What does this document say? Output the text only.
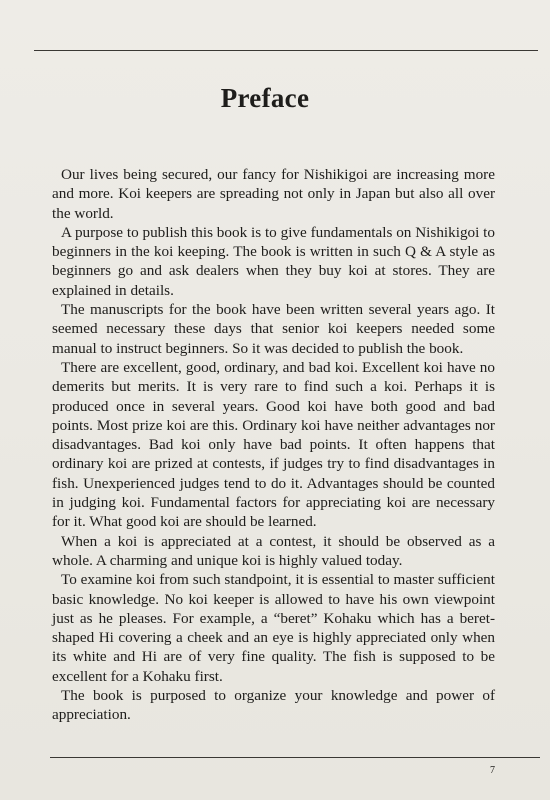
Preface

Our lives being secured, our fancy for Nishikigoi are increasing more and more. Koi keepers are spreading not only in Japan but also all over the world.

A purpose to publish this book is to give fundamentals on Nishikigoi to beginners in the koi keeping. The book is written in such Q & A style as beginners go and ask dealers when they buy koi at stores. They are explained in details.

The manuscripts for the book have been written several years ago. It seemed necessary these days that senior koi keepers needed some manual to instruct beginners. So it was decided to publish the book.

There are excellent, good, ordinary, and bad koi. Excellent koi have no demerits but merits. It is very rare to find such a koi. Perhaps it is produced once in several years. Good koi have both good and bad points. Most prize koi are this. Ordinary koi have neither advantages nor disadvantages. Bad koi only have bad points. It often happens that ordinary koi are prized at contests, if judges try to find disadvantages in fish. Unexperienced judges tend to do it. Advantages should be counted in judging koi. Fundamental factors for appreciating koi are necessary for it. What good koi are should be learned.

When a koi is appreciated at a contest, it should be observed as a whole. A charming and unique koi is highly valued today.

To examine koi from such standpoint, it is essential to master sufficient basic knowledge. No koi keeper is allowed to have his own viewpoint just as he pleases. For example, a “beret” Kohaku which has a beret-shaped Hi covering a cheek and an eye is highly appreciated only when its white and Hi are of very fine quality. The fish is supposed to be excellent for a Kohaku first.

The book is purposed to organize your knowledge and power of appreciation.

7
